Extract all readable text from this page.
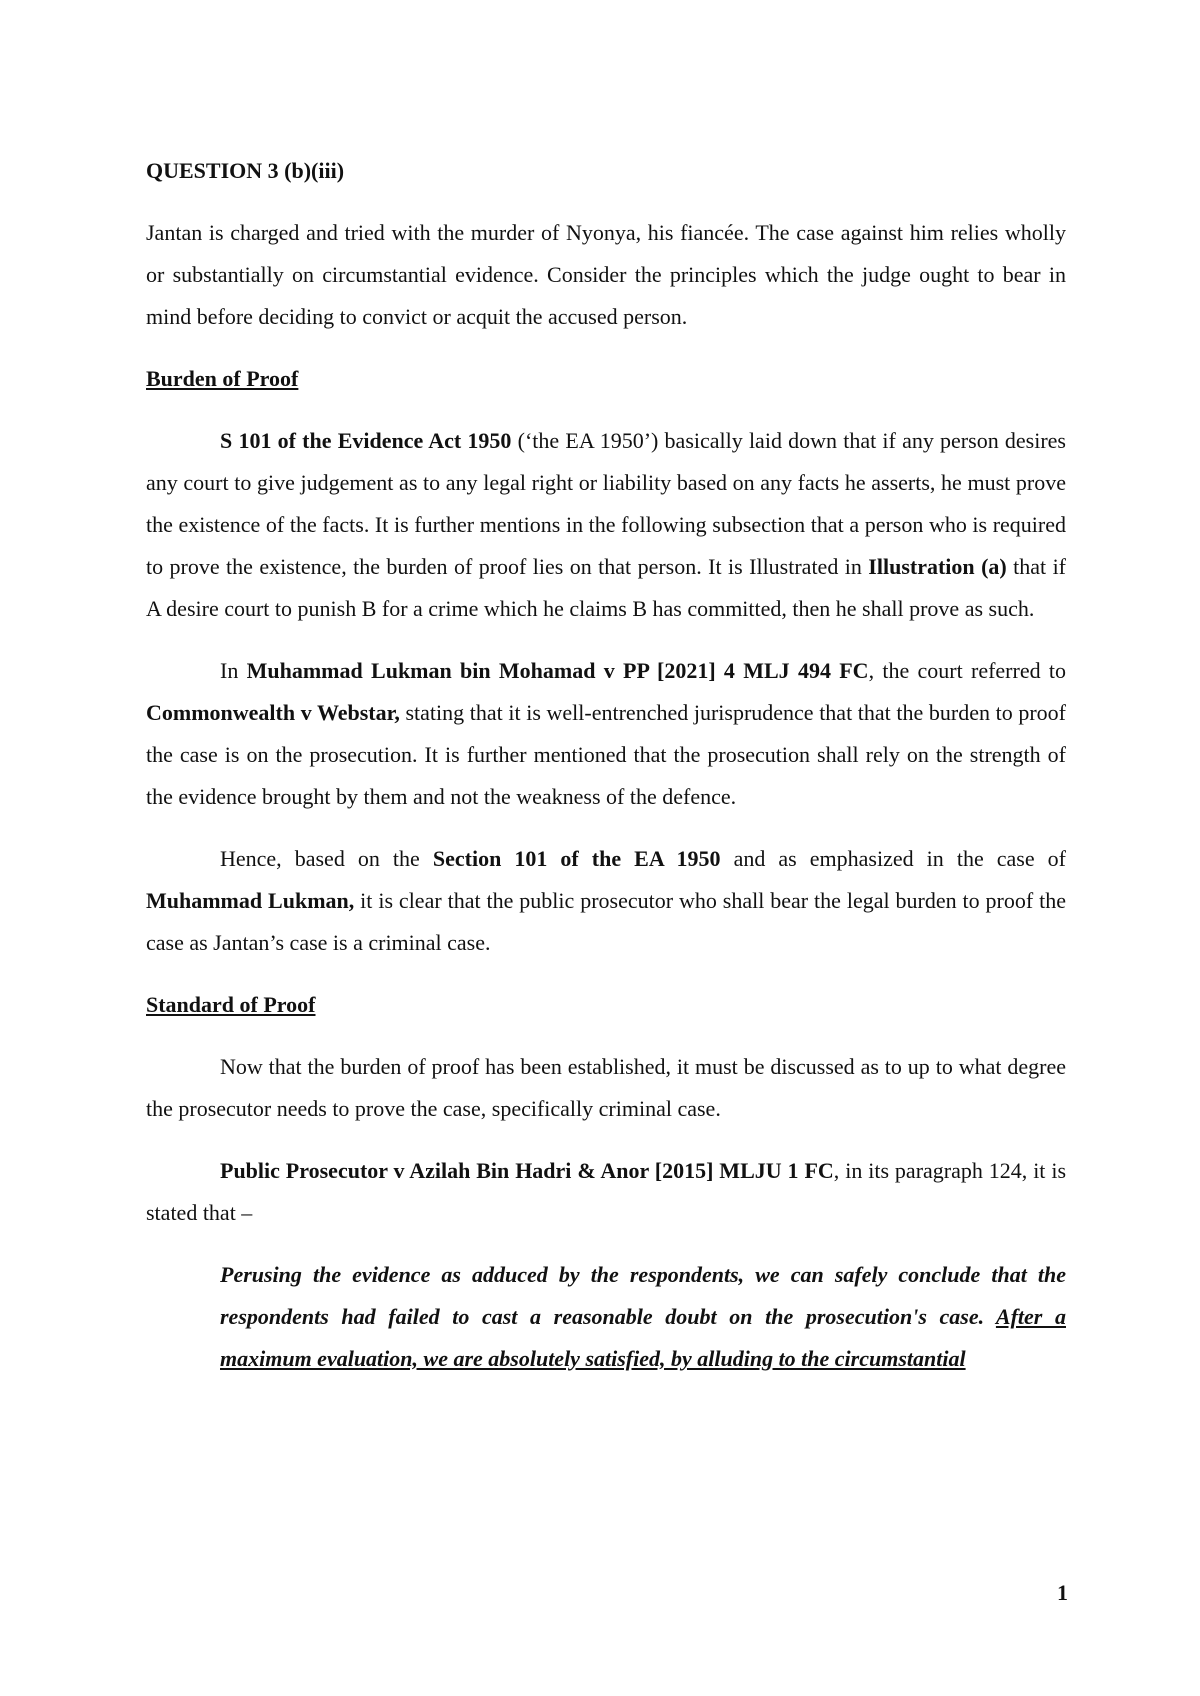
QUESTION 3 (b)(iii)

Jantan is charged and tried with the murder of Nyonya, his fiancée. The case against him relies wholly or substantially on circumstantial evidence. Consider the principles which the judge ought to bear in mind before deciding to convict or acquit the accused person.

Burden of Proof

S 101 of the Evidence Act 1950 (‘the EA 1950’) basically laid down that if any person desires any court to give judgement as to any legal right or liability based on any facts he asserts, he must prove the existence of the facts. It is further mentions in the following subsection that a person who is required to prove the existence, the burden of proof lies on that person. It is Illustrated in Illustration (a) that if A desire court to punish B for a crime which he claims B has committed, then he shall prove as such.

In Muhammad Lukman bin Mohamad v PP [2021] 4 MLJ 494 FC, the court referred to Commonwealth v Webstar, stating that it is well-entrenched jurisprudence that that the burden to proof the case is on the prosecution. It is further mentioned that the prosecution shall rely on the strength of the evidence brought by them and not the weakness of the defence.

Hence, based on the Section 101 of the EA 1950 and as emphasized in the case of Muhammad Lukman, it is clear that the public prosecutor who shall bear the legal burden to proof the case as Jantan’s case is a criminal case.

Standard of Proof

Now that the burden of proof has been established, it must be discussed as to up to what degree the prosecutor needs to prove the case, specifically criminal case.

Public Prosecutor v Azilah Bin Hadri & Anor [2015] MLJU 1 FC, in its paragraph 124, it is stated that –

Perusing the evidence as adduced by the respondents, we can safely conclude that the respondents had failed to cast a reasonable doubt on the prosecution's case. After a maximum evaluation, we are absolutely satisfied, by alluding to the circumstantial

1
